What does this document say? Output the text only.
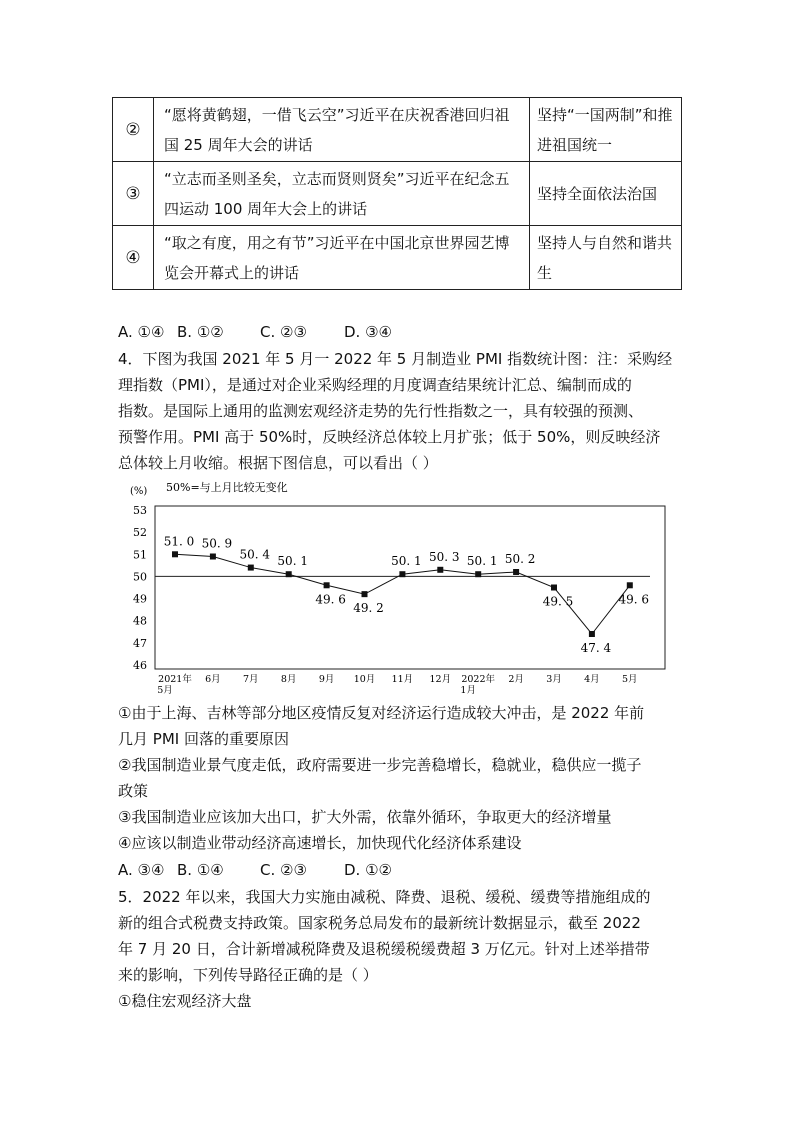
②	“愿将黄鹤翅，一借飞云空”习近平在庆祝香港回归祖国 25 周年大会的讲话	坚持“一国两制”和推进祖国统一
③	“立志而圣则圣矣，立志而贤则贤矣”习近平在纪念五四运动 100 周年大会上的讲话	坚持全面依法治国
④	“取之有度，用之有节”习近平在中国北京世界园艺博览会开幕式上的讲话	坚持人与自然和谐共生
A. ①④ B. ①② C. ②③ D. ③④
4．下图为我国 2021 年 5 月一 2022 年 5 月制造业 PMI 指数统计图：注：采购经
理指数（PMI），是通过对企业采购经理的月度调查结果统计汇总、编制而成的
指数。是国际上通用的监测宏观经济走势的先行性指数之一，具有较强的预测、
预警作用。PMI 高于 50%时，反映经济总体较上月扩张；低于 50%，则反映经济
总体较上月收缩。根据下图信息，可以看出（ ）
(%) 50%=与上月比较无变化
46
47
48
49
50
51
52
53
2021年 5月
6月 7月 8月 9月 10月 11月 12月 2022年 1月
2月 3月 4月 5月
51. 0 50. 9
50. 4 50. 1
49. 6
49. 2
50. 1 50. 3 50. 1 50. 2
49. 5
47. 4
49. 6
①由于上海、吉林等部分地区疫情反复对经济运行造成较大冲击，是 2022 年前
几月 PMI 回落的重要原因
②我国制造业景气度走低，政府需要进一步完善稳增长，稳就业，稳供应一揽子
政策
③我国制造业应该加大出口，扩大外需，依靠外循环，争取更大的经济增量
④应该以制造业带动经济高速增长，加快现代化经济体系建设
A. ③④ B. ①④ C. ②③ D. ①②
5．2022 年以来，我国大力实施由减税、降费、退税、缓税、缓费等措施组成的
新的组合式税费支持政策。国家税务总局发布的最新统计数据显示，截至 2022
年 7 月 20 日，合计新增减税降费及退税缓税缓费超 3 万亿元。针对上述举措带
来的影响，下列传导路径正确的是（ ）
①稳住宏观经济大盘
